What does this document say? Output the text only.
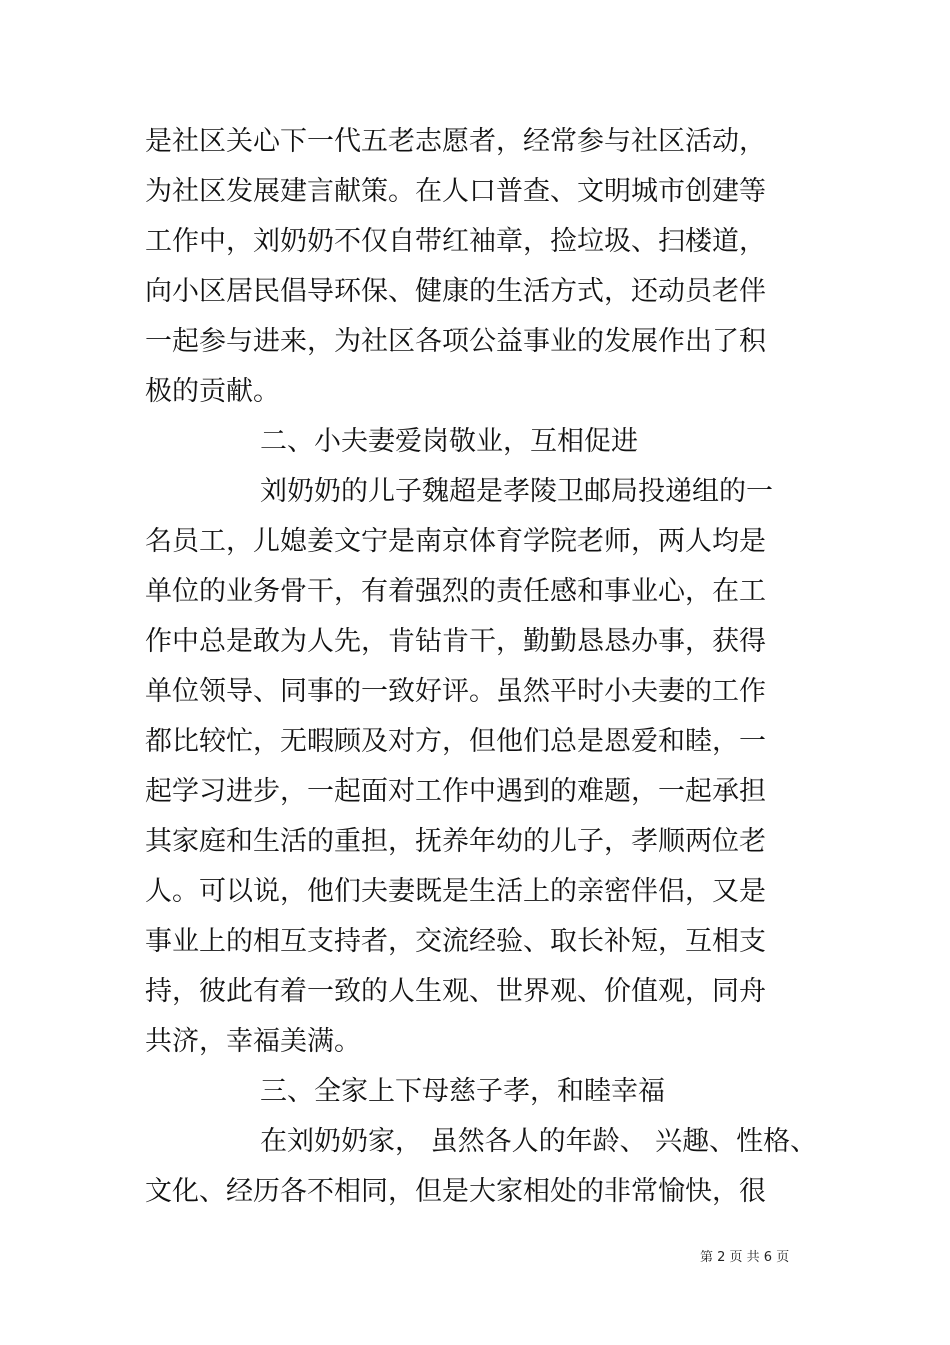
是社区关心下一代五老志愿者，经常参与社区活动，
为社区发展建言献策。在人口普查、文明城市创建等
工作中，刘奶奶不仅自带红袖章，捡垃圾、扫楼道，
向小区居民倡导环保、健康的生活方式，还动员老伴
一起参与进来，为社区各项公益事业的发展作出了积
极的贡献。
二、小夫妻爱岗敬业，互相促进
刘奶奶的儿子魏超是孝陵卫邮局投递组的一
名员工，儿媳姜文宁是南京体育学院老师，两人均是
单位的业务骨干，有着强烈的责任感和事业心，在工
作中总是敢为人先，肯钻肯干，勤勤恳恳办事，获得
单位领导、同事的一致好评。虽然平时小夫妻的工作
都比较忙，无暇顾及对方，但他们总是恩爱和睦，一
起学习进步，一起面对工作中遇到的难题，一起承担
其家庭和生活的重担，抚养年幼的儿子，孝顺两位老
人。可以说，他们夫妻既是生活上的亲密伴侣，又是
事业上的相互支持者，交流经验、取长补短，互相支
持，彼此有着一致的人生观、世界观、价值观，同舟
共济，幸福美满。
三、全家上下母慈子孝，和睦幸福
在刘奶奶家， 虽然各人的年龄、 兴趣、性格、
文化、经历各不相同，但是大家相处的非常愉快，很
第 2 页 共 6 页
